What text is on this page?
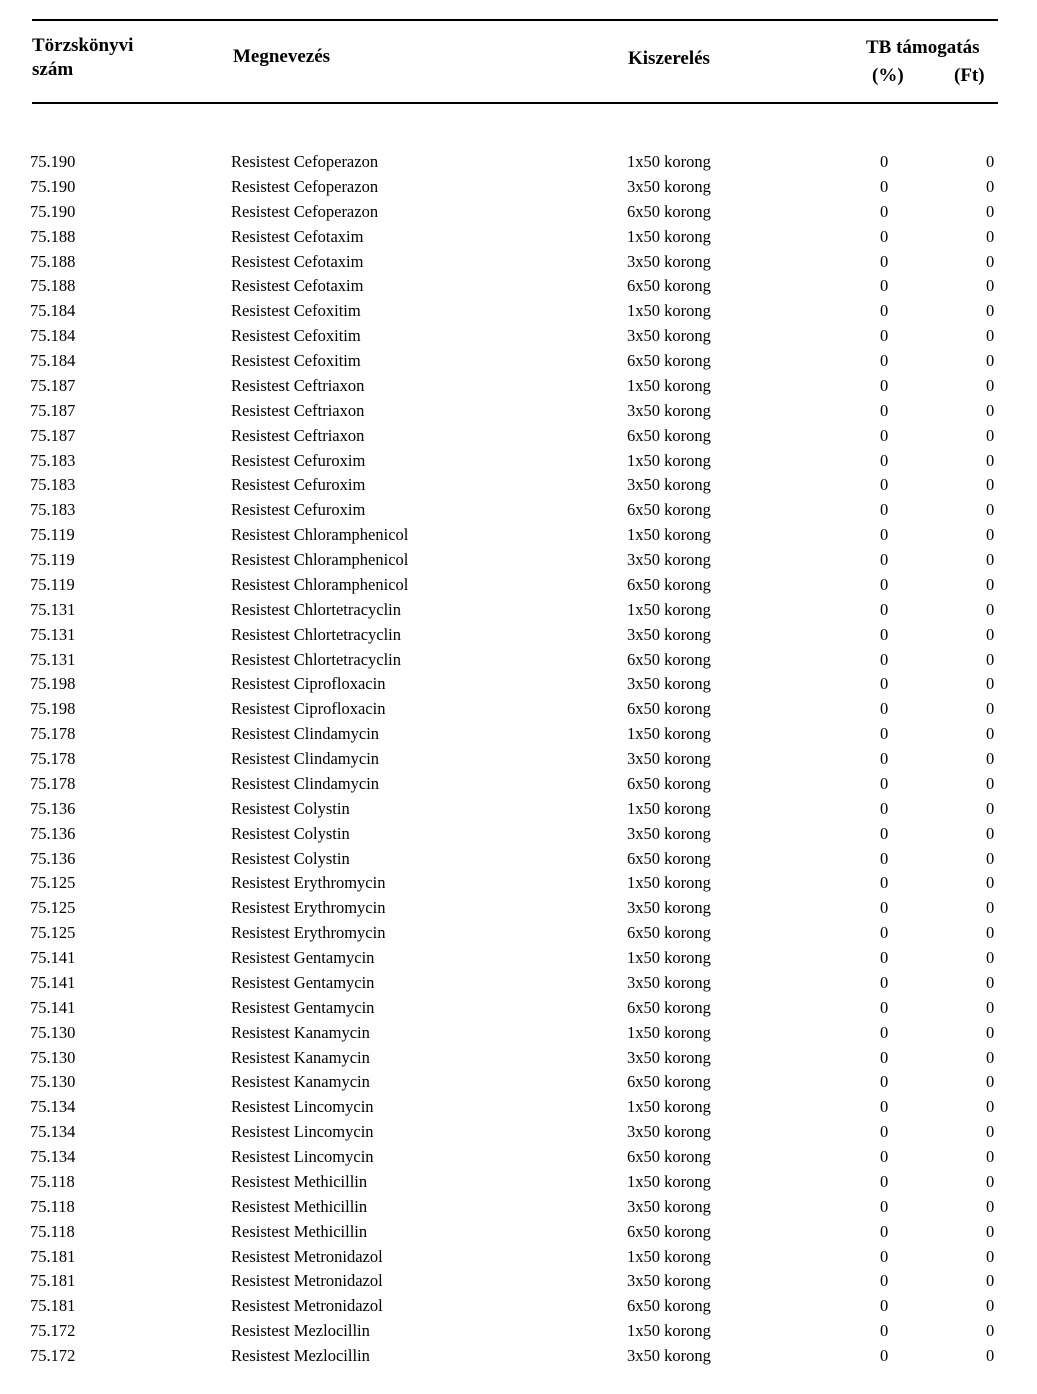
Törzskönyvi
szám
Megnevezés	Kiszerelés
TB támogatás
(%)	(Ft)
75.190	Resistest Cefoperazon	1x50 korong	0	0
75.190	Resistest Cefoperazon	3x50 korong	0	0
75.190	Resistest Cefoperazon	6x50 korong	0	0
75.188	Resistest Cefotaxim	1x50 korong	0	0
75.188	Resistest Cefotaxim	3x50 korong	0	0
75.188	Resistest Cefotaxim	6x50 korong	0	0
75.184	Resistest Cefoxitim	1x50 korong	0	0
75.184	Resistest Cefoxitim	3x50 korong	0	0
75.184	Resistest Cefoxitim	6x50 korong	0	0
75.187	Resistest Ceftriaxon	1x50 korong	0	0
75.187	Resistest Ceftriaxon	3x50 korong	0	0
75.187	Resistest Ceftriaxon	6x50 korong	0	0
75.183	Resistest Cefuroxim	1x50 korong	0	0
75.183	Resistest Cefuroxim	3x50 korong	0	0
75.183	Resistest Cefuroxim	6x50 korong	0	0
75.119	Resistest Chloramphenicol	1x50 korong	0	0
75.119	Resistest Chloramphenicol	3x50 korong	0	0
75.119	Resistest Chloramphenicol	6x50 korong	0	0
75.131	Resistest Chlortetracyclin	1x50 korong	0	0
75.131	Resistest Chlortetracyclin	3x50 korong	0	0
75.131	Resistest Chlortetracyclin	6x50 korong	0	0
75.198	Resistest Ciprofloxacin	3x50 korong	0	0
75.198	Resistest Ciprofloxacin	6x50 korong	0	0
75.178	Resistest Clindamycin	1x50 korong	0	0
75.178	Resistest Clindamycin	3x50 korong	0	0
75.178	Resistest Clindamycin	6x50 korong	0	0
75.136	Resistest Colystin	1x50 korong	0	0
75.136	Resistest Colystin	3x50 korong	0	0
75.136	Resistest Colystin	6x50 korong	0	0
75.125	Resistest Erythromycin	1x50 korong	0	0
75.125	Resistest Erythromycin	3x50 korong	0	0
75.125	Resistest Erythromycin	6x50 korong	0	0
75.141	Resistest Gentamycin	1x50 korong	0	0
75.141	Resistest Gentamycin	3x50 korong	0	0
75.141	Resistest Gentamycin	6x50 korong	0	0
75.130	Resistest Kanamycin	1x50 korong	0	0
75.130	Resistest Kanamycin	3x50 korong	0	0
75.130	Resistest Kanamycin	6x50 korong	0	0
75.134	Resistest Lincomycin	1x50 korong	0	0
75.134	Resistest Lincomycin	3x50 korong	0	0
75.134	Resistest Lincomycin	6x50 korong	0	0
75.118	Resistest Methicillin	1x50 korong	0	0
75.118	Resistest Methicillin	3x50 korong	0	0
75.118	Resistest Methicillin	6x50 korong	0	0
75.181	Resistest Metronidazol	1x50 korong	0	0
75.181	Resistest Metronidazol	3x50 korong	0	0
75.181	Resistest Metronidazol	6x50 korong	0	0
75.172	Resistest Mezlocillin	1x50 korong	0	0
75.172	Resistest Mezlocillin	3x50 korong	0	0
